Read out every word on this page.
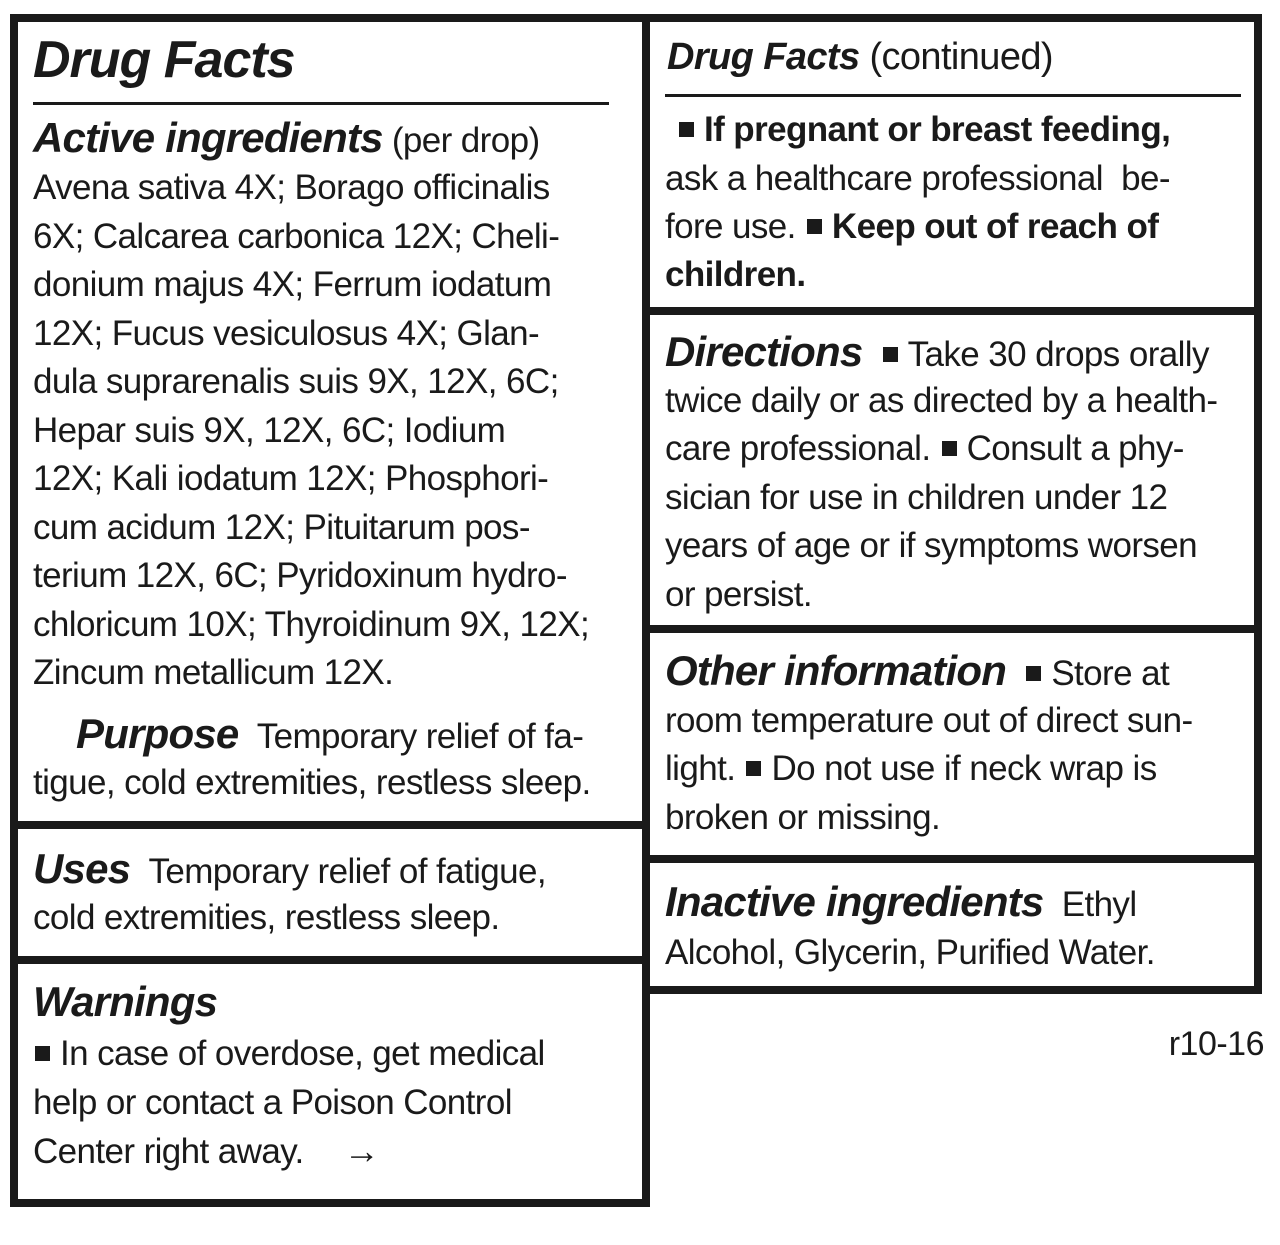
Drug Facts
Active ingredients (per drop)
Avena sativa 4X; Borago officinalis
6X; Calcarea carbonica 12X; Cheli-
donium majus 4X; Ferrum iodatum
12X; Fucus vesiculosus 4X; Glan-
dula suprarenalis suis 9X, 12X, 6C;
Hepar suis 9X, 12X, 6C; Iodium
12X; Kali iodatum 12X; Phosphori-
cum acidum 12X; Pituitarum pos-
terium 12X, 6C; Pyridoxinum hydro-
chloricum 10X; Thyroidinum 9X, 12X;
Zincum metallicum 12X.
Purpose Temporary relief of fa-
tigue, cold extremities, restless sleep.
Uses Temporary relief of fatigue,
cold extremities, restless sleep.
Warnings
In case of overdose, get medical
help or contact a Poison Control
Center right away. →
Drug Facts (continued)
If pregnant or breast feeding,
ask a healthcare professional  be-
fore use. Keep out of reach of
children.
Directions Take 30 drops orally
twice daily or as directed by a health-
care professional. Consult a phy-
sician for use in children under 12
years of age or if symptoms worsen
or persist.
Other information Store at
room temperature out of direct sun-
light. Do not use if neck wrap is
broken or missing.
Inactive ingredients Ethyl
Alcohol, Glycerin, Purified Water.
r10-16
